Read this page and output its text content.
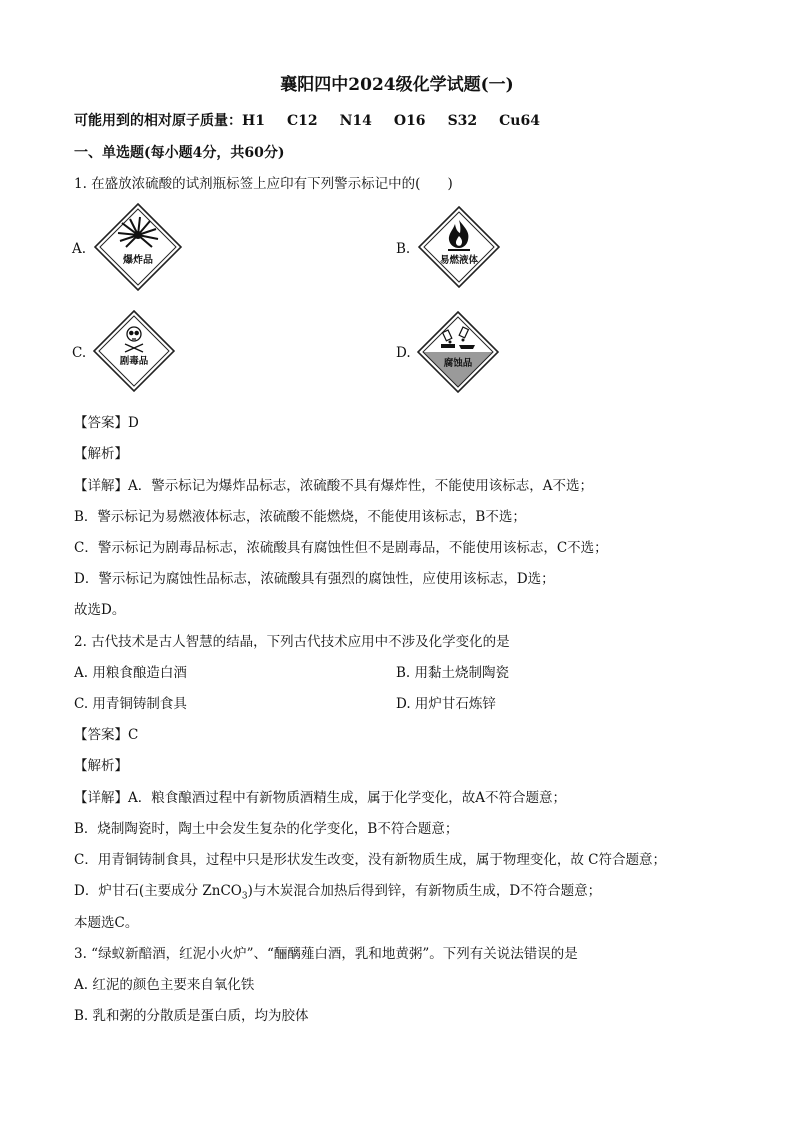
襄阳四中2024级化学试题(一)
可能用到的相对原子质量：H1 C12 N14 O16 S32 Cu64
一、单选题(每小题4分，共60分)
1. 在盛放浓硫酸的试剂瓶标签上应印有下列警示标记中的(　　)
A.
爆炸品
B.
易燃液体
C.
剧毒品
D.
腐蚀品
【答案】D
【解析】
【详解】A．警示标记为爆炸品标志，浓硫酸不具有爆炸性，不能使用该标志，A不选；
B．警示标记为易燃液体标志，浓硫酸不能燃烧，不能使用该标志，B不选；
C．警示标记为剧毒品标志，浓硫酸具有腐蚀性但不是剧毒品，不能使用该标志，C不选；
D．警示标记为腐蚀性品标志，浓硫酸具有强烈的腐蚀性，应使用该标志，D选；
故选D。
2. 古代技术是古人智慧的结晶，下列古代技术应用中不涉及化学变化的是
A. 用粮食酿造白酒	B. 用黏土烧制陶瓷
C. 用青铜铸制食具	D. 用炉甘石炼锌
【答案】C
【解析】
【详解】A．粮食酿酒过程中有新物质酒精生成，属于化学变化，故A不符合题意；
B．烧制陶瓷时，陶土中会发生复杂的化学变化，B不符合题意；
C．用青铜铸制食具，过程中只是形状发生改变，没有新物质生成，属于物理变化，故 C符合题意；
D．炉甘石(主要成分 ZnCO$_3$)与木炭混合加热后得到锌，有新物质生成，D不符合题意；
本题选C。
3. “绿蚁新醅酒，红泥小火炉”、“酾醨薤白酒，乳和地黄粥”。下列有关说法错误的是
A. 红泥的颜色主要来自氧化铁
B. 乳和粥的分散质是蛋白质，均为胶体
